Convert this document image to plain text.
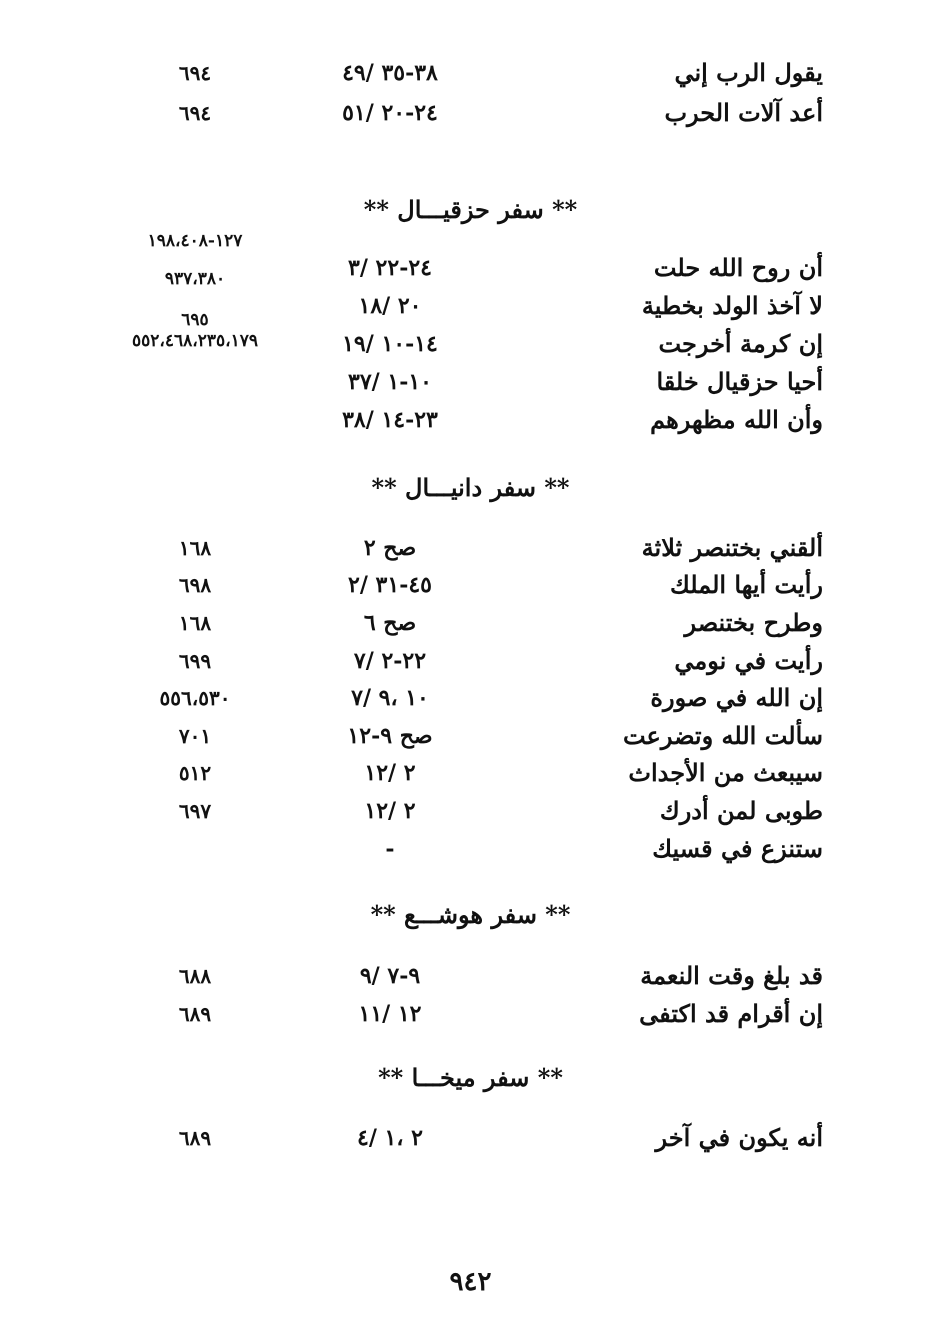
يقول الرب إني
٣٨-٣٥ /٤٩
٦٩٤
أعد آلات الحرب
٢٤-٢٠ /٥١
٦٩٤
** سفر حزقيـــال **
أن روح الله حلت
٢٤-٢٢ /٣
١٢٧-١٩٨،٤٠٨
لا آخذ الولد بخطية
٢٠ /١٨
٩٣٧،٣٨٠
٦٩٥
إن كرمة أخرجت
١٤-١٠ /١٩
٥٥٢،٤٦٨،٢٣٥،١٧٩
أحيا حزقيال خلقا
١٠-١ /٣٧
وأن الله مظهرهم
٢٣-١٤ /٣٨
** سفر دانيـــال **
ألقني بختنصر ثلاثة
صح ٢
١٦٨
رأيت أيها الملك
٤٥-٣١ /٢
٦٩٨
وطرح بختنصر
صح ٦
١٦٨
رأيت في نومي
٢٢-٢ /٧
٦٩٩
إن الله في صورة
١٠ ،٩ /٧
٥٥٦،٥٣٠
سألت الله وتضرعت
صح ٩-١٢
٧٠١
سيبعث من الأجداث
٢ /١٢
٥١٢
طوبى لمن أدرك
٢ /١٢
٦٩٧
ستنزع في قسيك
-
** سفر هوشـــع **
قد بلغ وقت النعمة
٩-٧ /٩
٦٨٨
إن أقرام قد اكتفى
١٢ /١١
٦٨٩
** سفر ميخـــا **
أنه يكون في آخر
٢ ،١ /٤
٦٨٩
٩٤٢
